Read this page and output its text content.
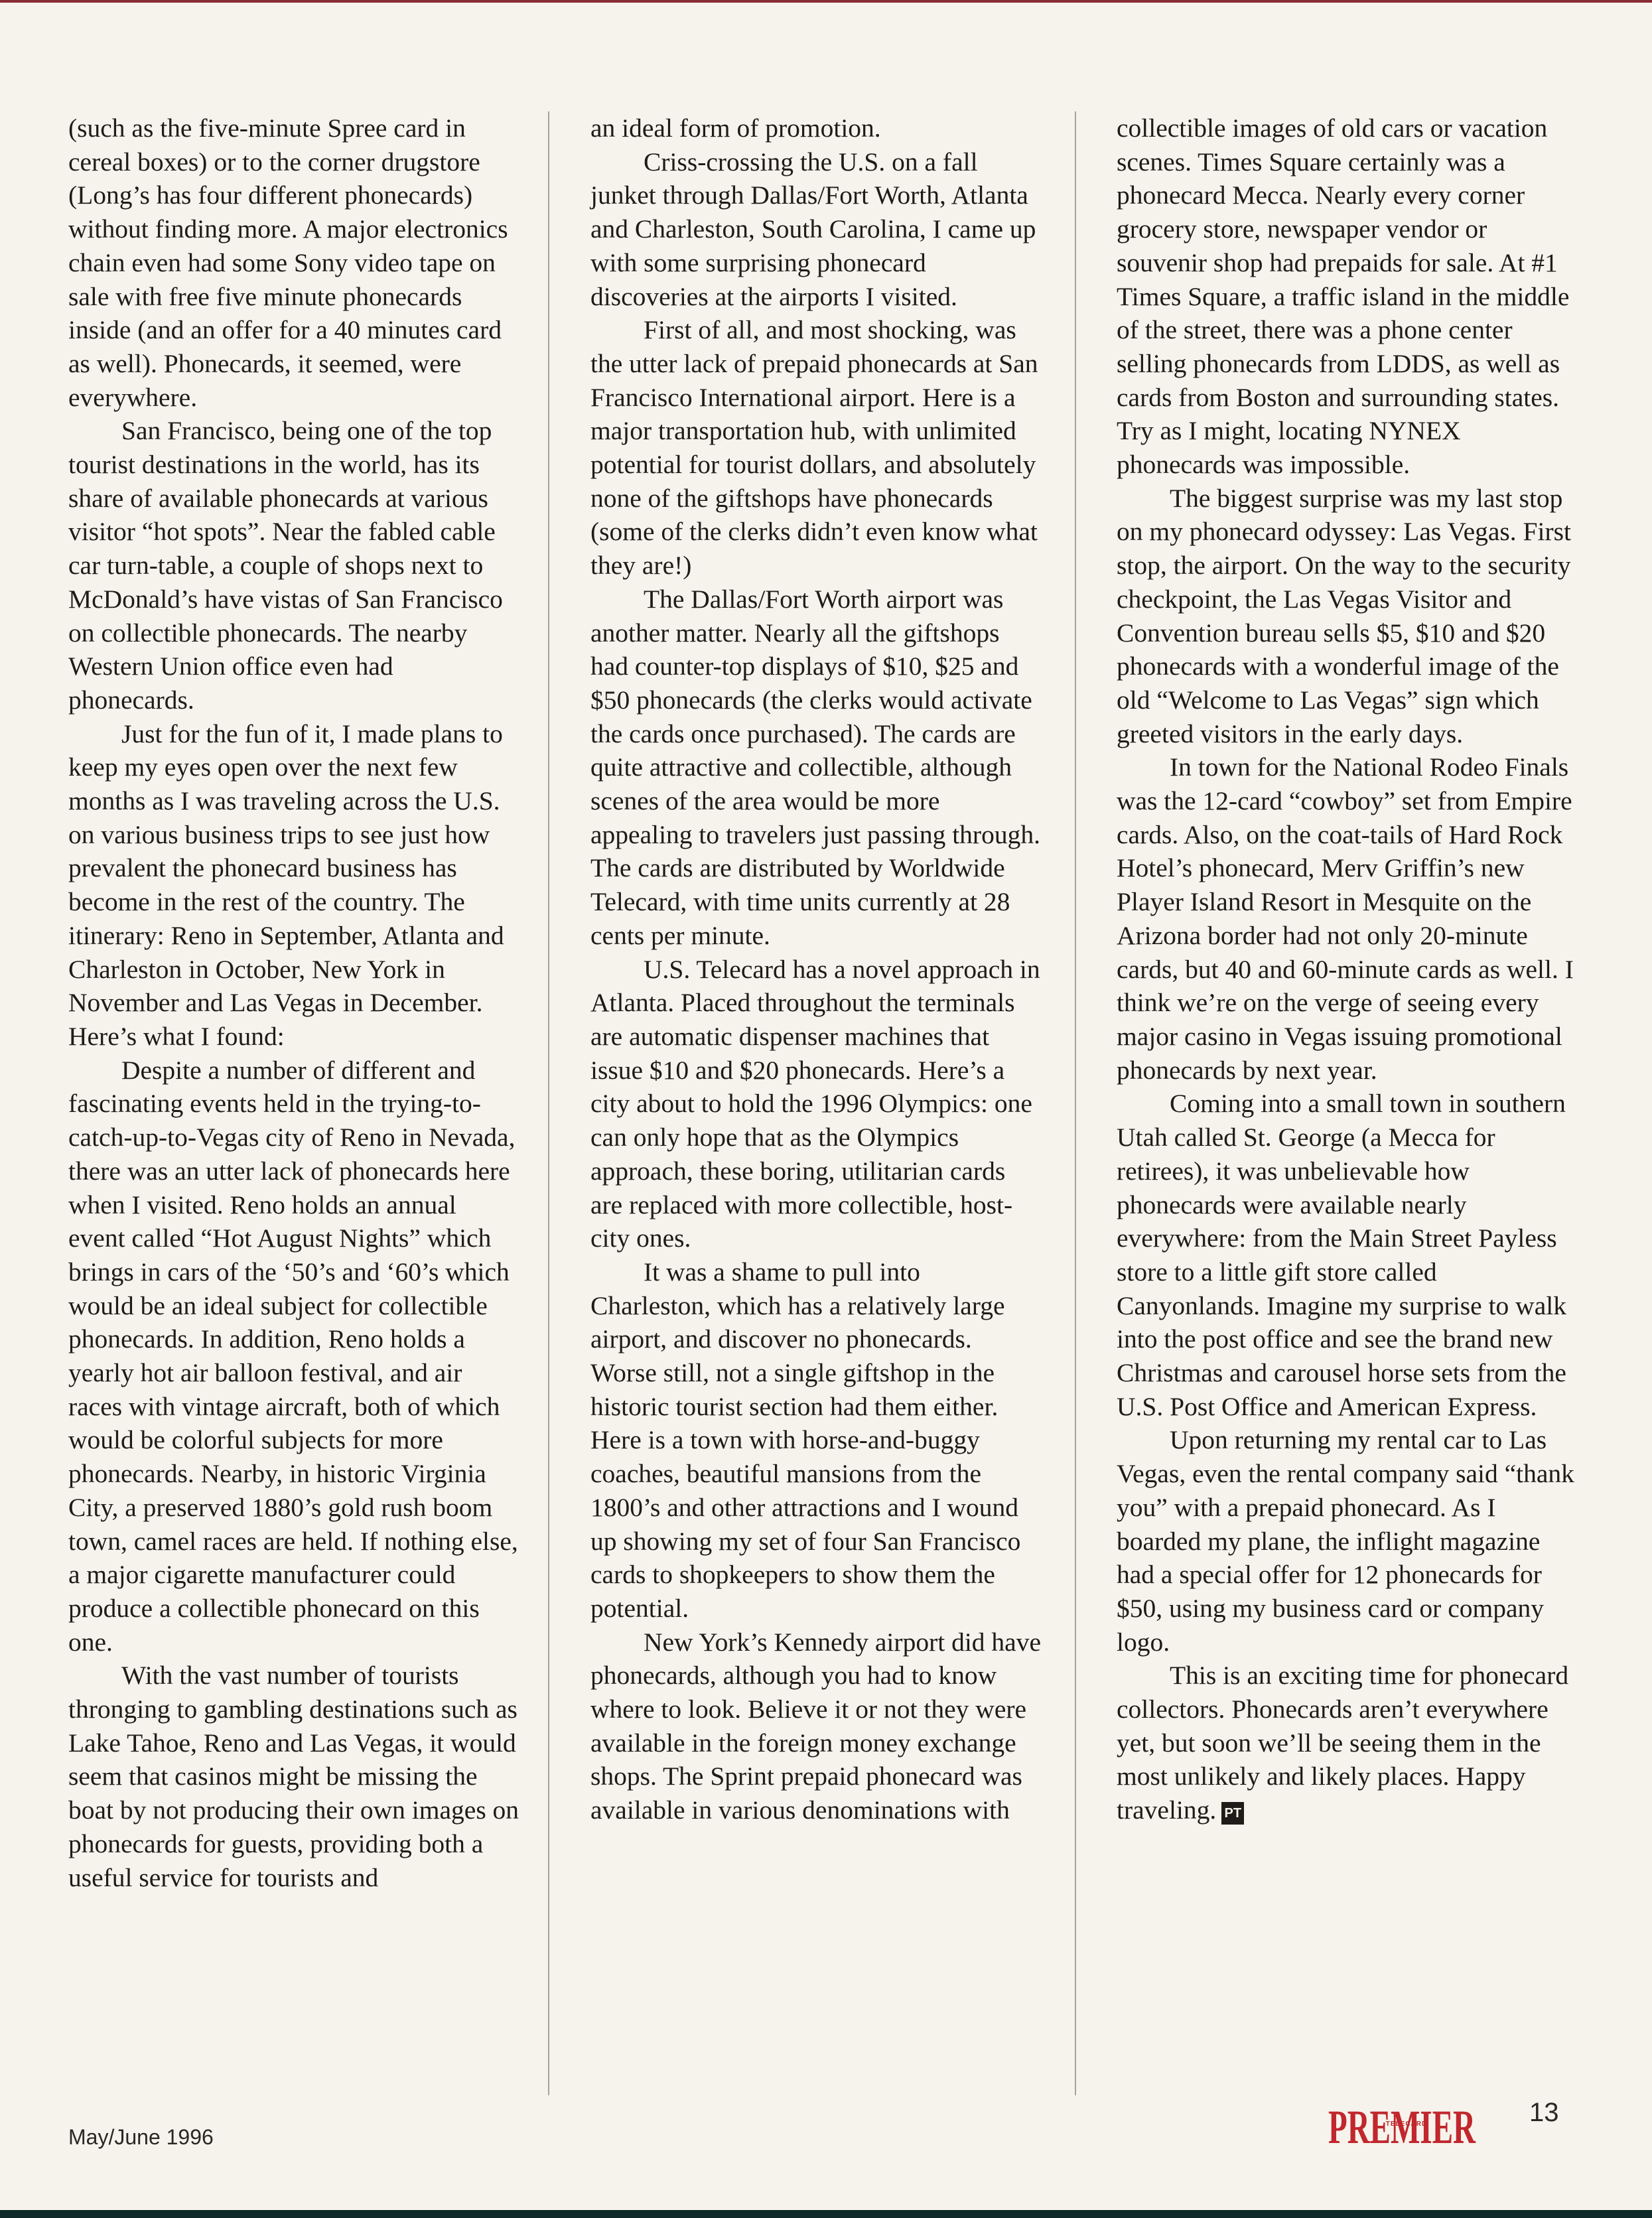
(such as the five-minute Spree card in cereal boxes) or to the corner drugstore (Long’s has four different phonecards) without finding more. A major electronics chain even had some Sony video tape on sale with free five minute phonecards inside (and an offer for a 40 minutes card as well). Phonecards, it seemed, were everywhere.

San Francisco, being one of the top tourist destinations in the world, has its share of available phonecards at various visitor “hot spots”. Near the fabled cable car turn-table, a couple of shops next to McDonald’s have vistas of San Francisco on collectible phonecards. The nearby Western Union office even had phonecards.

Just for the fun of it, I made plans to keep my eyes open over the next few months as I was traveling across the U.S. on various business trips to see just how prevalent the phonecard business has become in the rest of the country. The itinerary: Reno in September, Atlanta and Charleston in October, New York in November and Las Vegas in December. Here’s what I found:

Despite a number of different and fascinating events held in the trying-to-catch-up-to-Vegas city of Reno in Nevada, there was an utter lack of phonecards here when I visited. Reno holds an annual event called “Hot August Nights” which brings in cars of the ‘50’s and ‘60’s which would be an ideal subject for collectible phonecards. In addition, Reno holds a yearly hot air balloon festival, and air races with vintage aircraft, both of which would be colorful subjects for more phonecards. Nearby, in historic Virginia City, a preserved 1880’s gold rush boom town, camel races are held. If nothing else, a major cigarette manufacturer could produce a collectible phonecard on this one.

With the vast number of tourists thronging to gambling destinations such as Lake Tahoe, Reno and Las Vegas, it would seem that casinos might be missing the boat by not producing their own images on phonecards for guests, providing both a useful service for tourists and

an ideal form of promotion.

Criss-crossing the U.S. on a fall junket through Dallas/Fort Worth, Atlanta and Charleston, South Carolina, I came up with some surprising phonecard discoveries at the airports I visited.

First of all, and most shocking, was the utter lack of prepaid phonecards at San Francisco International airport. Here is a major transportation hub, with unlimited potential for tourist dollars, and absolutely none of the giftshops have phonecards (some of the clerks didn’t even know what they are!)

The Dallas/Fort Worth airport was another matter. Nearly all the giftshops had counter-top displays of $10, $25 and $50 phonecards (the clerks would activate the cards once purchased). The cards are quite attractive and collectible, although scenes of the area would be more appealing to travelers just passing through. The cards are distributed by Worldwide Telecard, with time units currently at 28 cents per minute.

U.S. Telecard has a novel approach in Atlanta. Placed throughout the terminals are automatic dispenser machines that issue $10 and $20 phonecards. Here’s a city about to hold the 1996 Olympics: one can only hope that as the Olympics approach, these boring, utilitarian cards are replaced with more collectible, host-city ones.

It was a shame to pull into Charleston, which has a relatively large airport, and discover no phonecards. Worse still, not a single giftshop in the historic tourist section had them either. Here is a town with horse-and-buggy coaches, beautiful mansions from the 1800’s and other attractions and I wound up showing my set of four San Francisco cards to shopkeepers to show them the potential.

New York’s Kennedy airport did have phonecards, although you had to know where to look. Believe it or not they were available in the foreign money exchange shops. The Sprint prepaid phonecard was available in various denominations with

collectible images of old cars or vacation scenes. Times Square certainly was a phonecard Mecca. Nearly every corner grocery store, newspaper vendor or souvenir shop had prepaids for sale. At #1 Times Square, a traffic island in the middle of the street, there was a phone center selling phonecards from LDDS, as well as cards from Boston and surrounding states. Try as I might, locating NYNEX phonecards was impossible.

The biggest surprise was my last stop on my phonecard odyssey: Las Vegas. First stop, the airport. On the way to the security checkpoint, the Las Vegas Visitor and Convention bureau sells $5, $10 and $20 phonecards with a wonderful image of the old “Welcome to Las Vegas” sign which greeted visitors in the early days.

In town for the National Rodeo Finals was the 12-card “cowboy” set from Empire cards. Also, on the coat-tails of Hard Rock Hotel’s phonecard, Merv Griffin’s new Player Island Resort in Mesquite on the Arizona border had not only 20-minute cards, but 40 and 60-minute cards as well. I think we’re on the verge of seeing every major casino in Vegas issuing promotional phonecards by next year.

Coming into a small town in southern Utah called St. George (a Mecca for retirees), it was unbelievable how phonecards were available nearly everywhere: from the Main Street Payless store to a little gift store called Canyonlands. Imagine my surprise to walk into the post office and see the brand new Christmas and carousel horse sets from the U.S. Post Office and American Express.

Upon returning my rental car to Las Vegas, even the rental company said “thank you” with a prepaid phonecard. As I boarded my plane, the inflight magazine had a special offer for 12 phonecards for $50, using my business card or company logo.

This is an exciting time for phonecard collectors. Phonecards aren’t everywhere yet, but soon we’ll be seeing them in the most unlikely and likely places. Happy traveling. PT

May/June 1996	PREMIER
TELECARD	13
